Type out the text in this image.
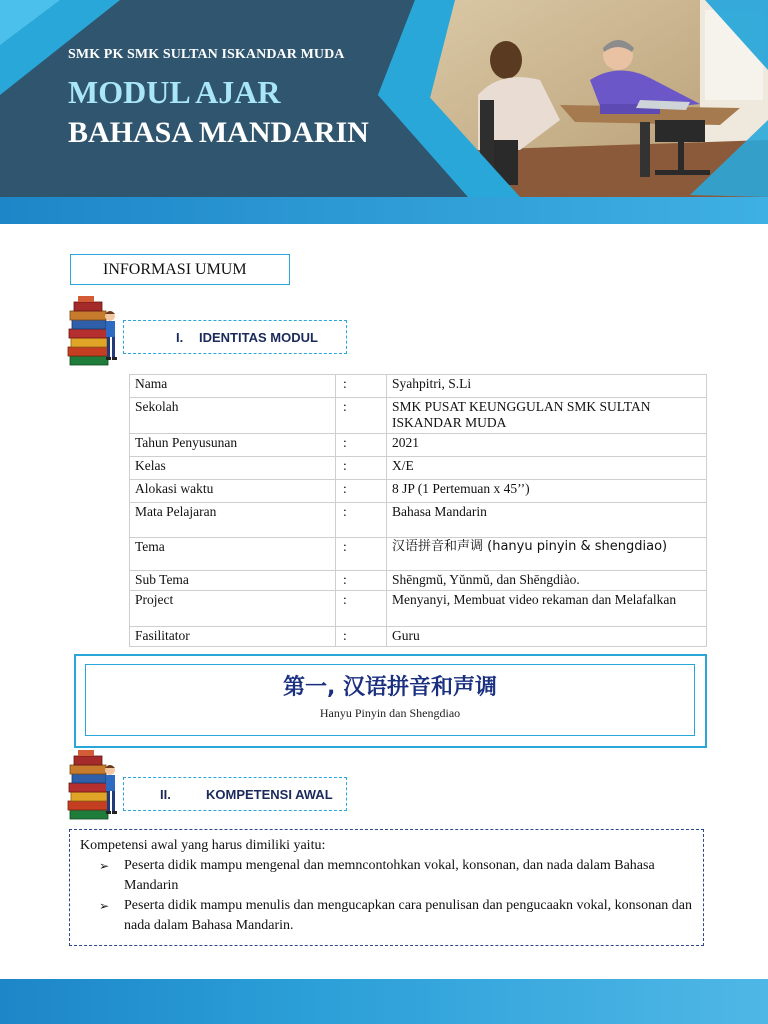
SMK PK SMK SULTAN ISKANDAR MUDA
MODUL AJAR
BAHASA MANDARIN
INFORMASI UMUM
I. IDENTITAS MODUL
Nama	:	Syahpitri, S.Li
Sekolah	:	SMK PUSAT KEUNGGULAN SMK SULTAN ISKANDAR MUDA
Tahun Penyusunan	:	2021
Kelas	:	X/E
Alokasi waktu	:	8 JP (1 Pertemuan x 45’’)
Mata Pelajaran	:	Bahasa Mandarin
Tema	:	汉语拼音和声调 (hanyu pinyin & shengdiao)
Sub Tema	:	Shēngmŭ, Yŭnmŭ, dan Shēngdiào.
Project	:	Menyanyi, Membuat video rekaman dan Melafalkan
Fasilitator	:	Guru
第一, 汉语拼音和声调
Hanyu Pinyin dan Shengdiao
II.	KOMPETENSI AWAL
Kompetensi awal yang harus dimiliki yaitu:
➢ Peserta didik mampu mengenal dan memncontohkan vokal, konsonan, dan nada dalam Bahasa Mandarin
➢ Peserta didik mampu menulis dan mengucapkan cara penulisan dan pengucaakn vokal, konsonan dan nada dalam Bahasa Mandarin.
